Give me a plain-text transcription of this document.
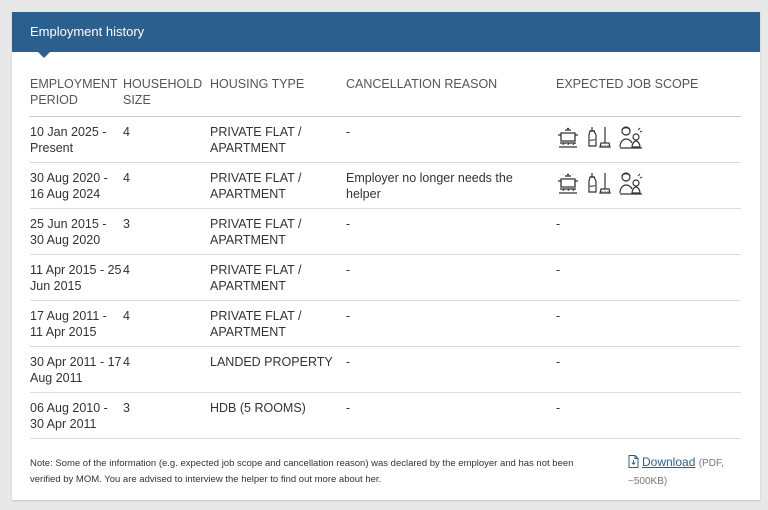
Employment history
EMPLOYMENT PERIOD	HOUSEHOLD SIZE	HOUSING TYPE	CANCELLATION REASON	EXPECTED JOB SCOPE
10 Jan 2025 - Present	4	PRIVATE FLAT / APARTMENT	-	

30 Aug 2020 - 16 Aug 2024	4	PRIVATE FLAT / APARTMENT	Employer no longer needs the helper	

25 Jun 2015 - 30 Aug 2020	3	PRIVATE FLAT / APARTMENT	-	-
11 Apr 2015 - 25 Jun 2015	4	PRIVATE FLAT / APARTMENT	-	-
17 Aug 2011 - 11 Apr 2015	4	PRIVATE FLAT / APARTMENT	-	-
30 Apr 2011 - 17 Aug 2011	4	LANDED PROPERTY	-	-
06 Aug 2010 - 30 Apr 2011	3	HDB (5 ROOMS)	-	-
Note: Some of the information (e.g. expected job scope and cancellation reason) was declared by the employer and has not been verified by MOM. You are advised to interview the helper to find out more about her.
Download (PDF, ~500KB)
